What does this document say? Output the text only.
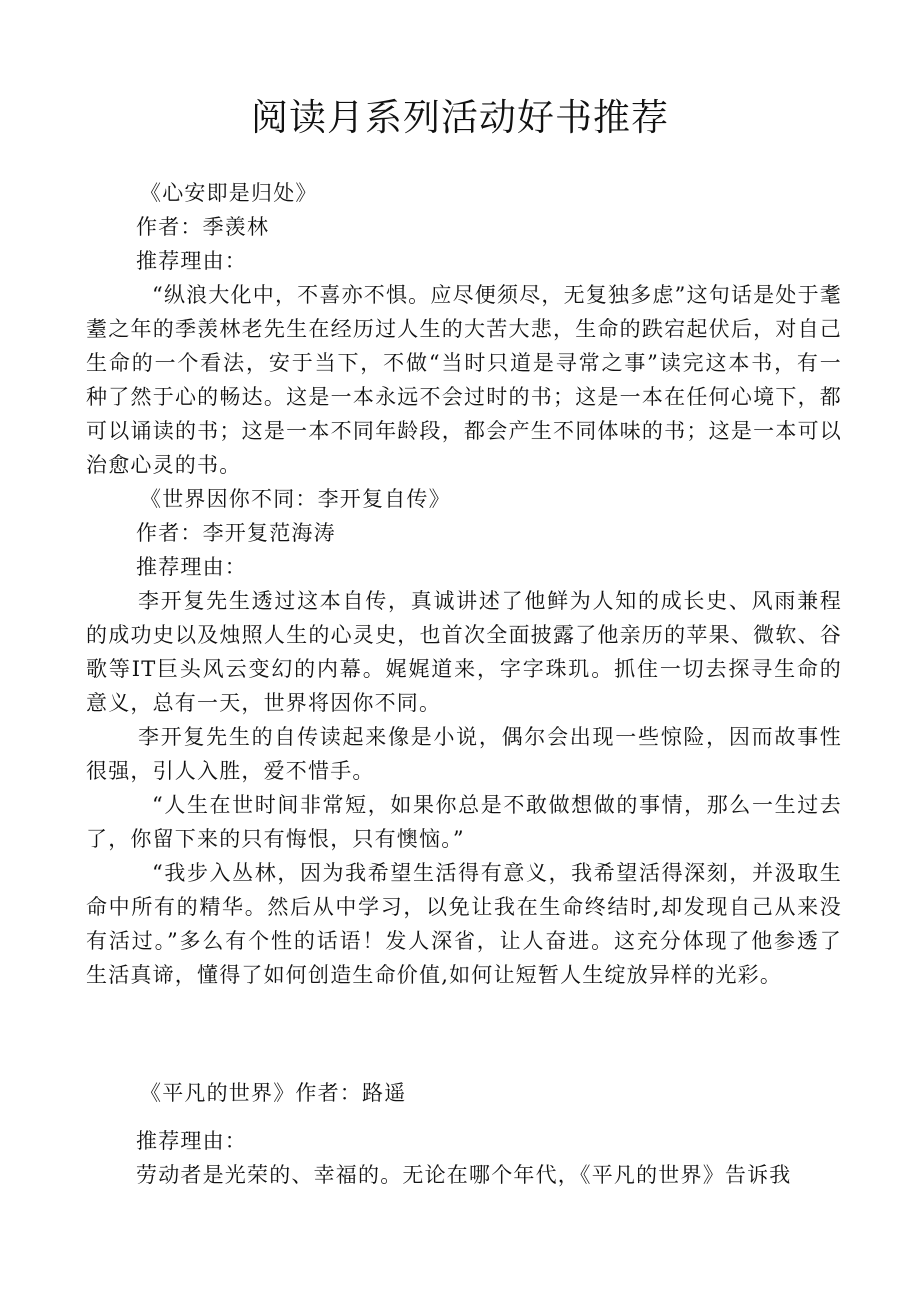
阅读月系列活动好书推荐

《心安即是归处》

作者：季羡林

推荐理由：

“纵浪大化中，不喜亦不惧。应尽便须尽，无复独多虑”这句话是处于耄耋之年的季羡林老先生在经历过人生的大苦大悲，生命的跌宕起伏后，对自己生命的一个看法，安于当下，不做“当时只道是寻常之事”读完这本书，有一种了然于心的畅达。这是一本永远不会过时的书；这是一本在任何心境下，都可以诵读的书；这是一本不同年龄段，都会产生不同体味的书；这是一本可以治愈心灵的书。

《世界因你不同：李开复自传》

作者：李开复范海涛

推荐理由：

李开复先生透过这本自传，真诚讲述了他鲜为人知的成长史、风雨兼程的成功史以及烛照人生的心灵史，也首次全面披露了他亲历的苹果、微软、谷歌等IT巨头风云变幻的内幕。娓娓道来，字字珠玑。抓住一切去探寻生命的意义，总有一天，世界将因你不同。

李开复先生的自传读起来像是小说，偶尔会出现一些惊险，因而故事性很强，引人入胜，爱不惜手。

“人生在世时间非常短，如果你总是不敢做想做的事情，那么一生过去了，你留下来的只有悔恨，只有懊恼。”

“我步入丛林，因为我希望生活得有意义，我希望活得深刻，并汲取生命中所有的精华。然后从中学习，以免让我在生命终结时,却发现自己从来没有活过。”多么有个性的话语！发人深省，让人奋进。这充分体现了他参透了生活真谛，懂得了如何创造生命价值,如何让短暂人生绽放异样的光彩。

《平凡的世界》作者：路遥

推荐理由：

劳动者是光荣的、幸福的。无论在哪个年代，《平凡的世界》告诉我
